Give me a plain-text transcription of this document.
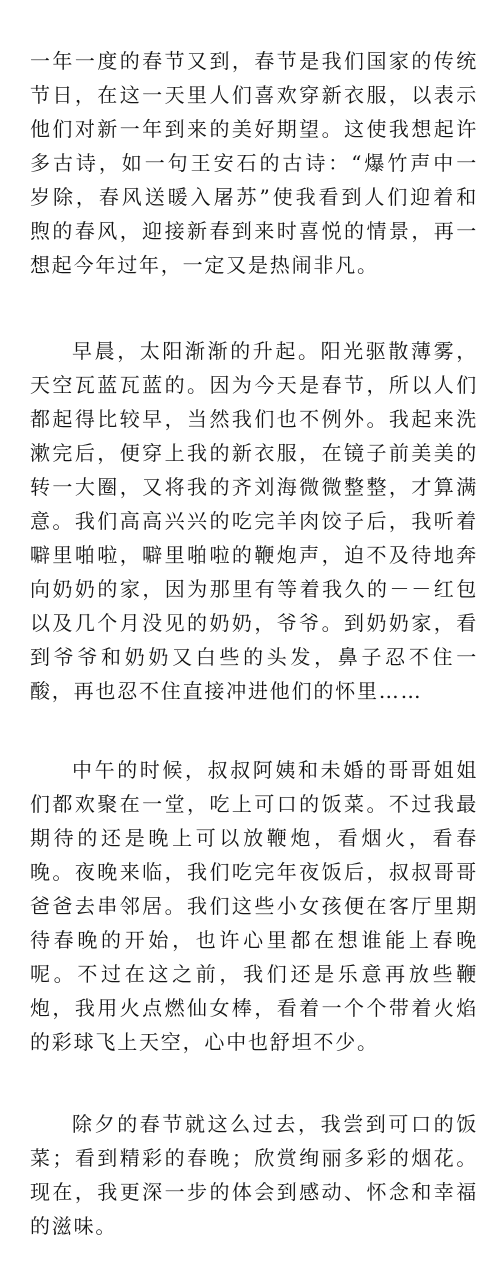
一年一度的春节又到，春节是我们国家的传统节日，在这一天里人们喜欢穿新衣服，以表示他们对新一年到来的美好期望。这使我想起许多古诗，如一句王安石的古诗：“爆竹声中一岁除，春风送暖入屠苏”使我看到人们迎着和煦的春风，迎接新春到来时喜悦的情景，再一想起今年过年，一定又是热闹非凡。

早晨，太阳渐渐的升起。阳光驱散薄雾，天空瓦蓝瓦蓝的。因为今天是春节，所以人们都起得比较早，当然我们也不例外。我起来洗漱完后，便穿上我的新衣服，在镜子前美美的转一大圈，又将我的齐刘海微微整整，才算满意。我们高高兴兴的吃完羊肉饺子后，我听着噼里啪啦，噼里啪啦的鞭炮声，迫不及待地奔向奶奶的家，因为那里有等着我久的－－红包以及几个月没见的奶奶，爷爷。到奶奶家，看到爷爷和奶奶又白些的头发，鼻子忍不住一酸，再也忍不住直接冲进他们的怀里……

中午的时候，叔叔阿姨和未婚的哥哥姐姐们都欢聚在一堂，吃上可口的饭菜。不过我最期待的还是晚上可以放鞭炮，看烟火，看春晚。夜晚来临，我们吃完年夜饭后，叔叔哥哥爸爸去串邻居。我们这些小女孩便在客厅里期待春晚的开始，也许心里都在想谁能上春晚呢。不过在这之前，我们还是乐意再放些鞭炮，我用火点燃仙女棒，看着一个个带着火焰的彩球飞上天空，心中也舒坦不少。

除夕的春节就这么过去，我尝到可口的饭菜；看到精彩的春晚；欣赏绚丽多彩的烟花。现在，我更深一步的体会到感动、怀念和幸福的滋味。
